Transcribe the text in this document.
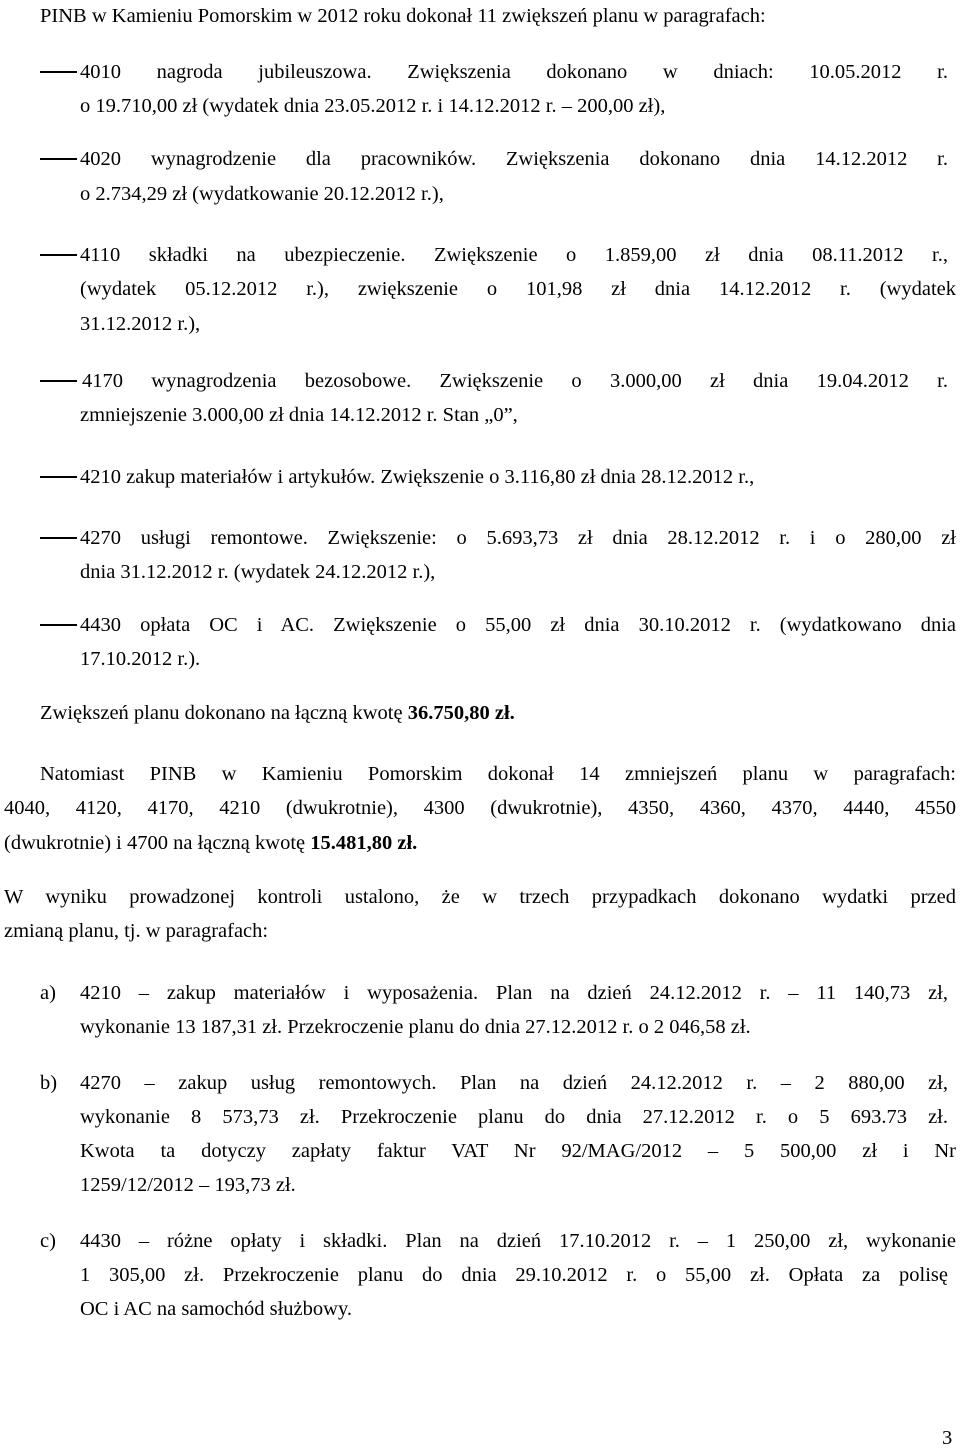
PINB w Kamieniu Pomorskim w 2012 roku dokonał 11 zwiększeń planu w paragrafach:
4010 nagroda jubileuszowa. Zwiększenia dokonano w dniach: 10.05.2012 r.
o 19.710,00 zł (wydatek dnia 23.05.2012 r. i 14.12.2012 r. – 200,00 zł),
4020 wynagrodzenie dla pracowników. Zwiększenia dokonano dnia 14.12.2012 r.
o 2.734,29 zł (wydatkowanie 20.12.2012 r.),
4110 składki na ubezpieczenie. Zwiększenie o 1.859,00 zł dnia 08.11.2012 r.,
(wydatek 05.12.2012 r.), zwiększenie o 101,98 zł dnia 14.12.2012 r. (wydatek
31.12.2012 r.),
4170 wynagrodzenia bezosobowe. Zwiększenie o 3.000,00 zł dnia 19.04.2012 r.
zmniejszenie 3.000,00 zł dnia 14.12.2012 r. Stan „0”,
4210 zakup materiałów i artykułów. Zwiększenie o 3.116,80 zł dnia 28.12.2012 r.,
4270 usługi remontowe. Zwiększenie: o 5.693,73 zł dnia 28.12.2012 r. i o 280,00 zł
dnia 31.12.2012 r. (wydatek 24.12.2012 r.),
4430 opłata OC i AC. Zwiększenie o 55,00 zł dnia 30.10.2012 r. (wydatkowano dnia
17.10.2012 r.).
Zwiększeń planu dokonano na łączną kwotę 36.750,80 zł.
Natomiast PINB w Kamieniu Pomorskim dokonał 14 zmniejszeń planu w paragrafach:
4040, 4120, 4170, 4210 (dwukrotnie), 4300 (dwukrotnie), 4350, 4360, 4370, 4440, 4550
(dwukrotnie) i 4700 na łączną kwotę 15.481,80 zł.
W wyniku prowadzonej kontroli ustalono, że w trzech przypadkach dokonano wydatki przed
zmianą planu, tj. w paragrafach:
a) 4210 – zakup materiałów i wyposażenia. Plan na dzień 24.12.2012 r. – 11 140,73 zł,
wykonanie 13 187,31 zł. Przekroczenie planu do dnia 27.12.2012 r. o 2 046,58 zł.
b) 4270 – zakup usług remontowych. Plan na dzień 24.12.2012 r. – 2 880,00 zł,
wykonanie 8 573,73 zł. Przekroczenie planu do dnia 27.12.2012 r. o 5 693.73 zł.
Kwota ta dotyczy zapłaty faktur VAT Nr 92/MAG/2012 – 5 500,00 zł i Nr
1259/12/2012 – 193,73 zł.
c) 4430 – różne opłaty i składki. Plan na dzień 17.10.2012 r. – 1 250,00 zł, wykonanie
1 305,00 zł. Przekroczenie planu do dnia 29.10.2012 r. o 55,00 zł. Opłata za polisę
OC i AC na samochód służbowy.
3
